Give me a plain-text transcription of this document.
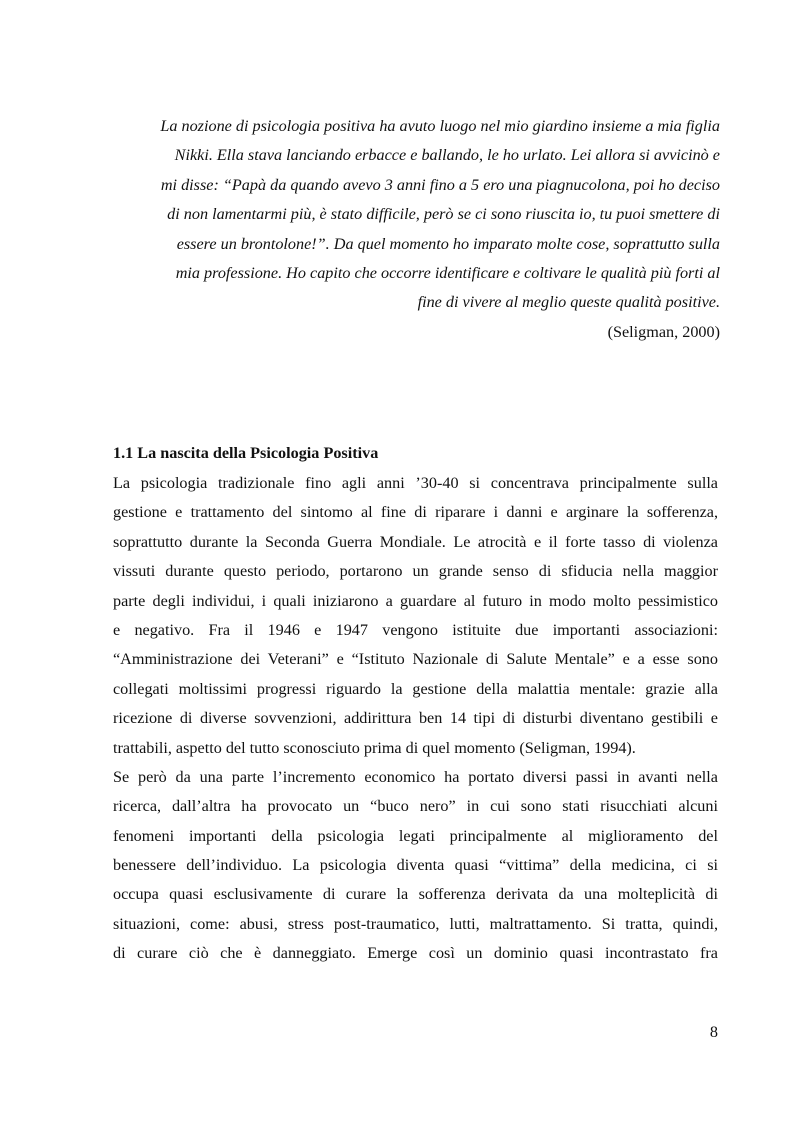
La nozione di psicologia positiva ha avuto luogo nel mio giardino insieme a mia figlia
Nikki. Ella stava lanciando erbacce e ballando, le ho urlato. Lei allora si avvicinò e
mi disse: “Papà da quando avevo 3 anni fino a 5 ero una piagnucolona, poi ho deciso
di non lamentarmi più, è stato difficile, però se ci sono riuscita io, tu puoi smettere di
essere un brontolone!”. Da quel momento ho imparato molte cose, soprattutto sulla
mia professione. Ho capito che occorre identificare e coltivare le qualità più forti al
fine di vivere al meglio queste qualità positive.
(Seligman, 2000)
1.1 La nascita della Psicologia Positiva
La psicologia tradizionale fino agli anni ’30-40 si concentrava principalmente sulla
gestione e trattamento del sintomo al fine di riparare i danni e arginare la sofferenza,
soprattutto durante la Seconda Guerra Mondiale. Le atrocità e il forte tasso di violenza
vissuti durante questo periodo, portarono un grande senso di sfiducia nella maggior
parte degli individui, i quali iniziarono a guardare al futuro in modo molto pessimistico
e negativo. Fra il 1946 e 1947 vengono istituite due importanti associazioni:
“Amministrazione dei Veterani” e “Istituto Nazionale di Salute Mentale” e a esse sono
collegati moltissimi progressi riguardo la gestione della malattia mentale: grazie alla
ricezione di diverse sovvenzioni, addirittura ben 14 tipi di disturbi diventano gestibili e
trattabili, aspetto del tutto sconosciuto prima di quel momento (Seligman, 1994).
Se però da una parte l’incremento economico ha portato diversi passi in avanti nella
ricerca, dall’altra ha provocato un “buco nero” in cui sono stati risucchiati alcuni
fenomeni importanti della psicologia legati principalmente al miglioramento del
benessere dell’individuo. La psicologia diventa quasi “vittima” della medicina, ci si
occupa quasi esclusivamente di curare la sofferenza derivata da una molteplicità di
situazioni, come: abusi, stress post-traumatico, lutti, maltrattamento. Si tratta, quindi,
di curare ciò che è danneggiato. Emerge così un dominio quasi incontrastato fra
8
